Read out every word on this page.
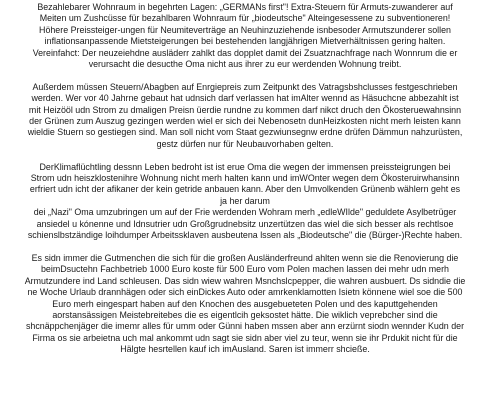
Bezahlebarer Wohnraum in begehrten Lagen: „GERMANs first"! Extra-Steuern für Armuts-zuwanderer auf
Meiten um Zushcüsse für bezahlbaren Wohnraum für „biodeutsche" Alteingesessene zu subventioneren!
Höhere Preissteiger-ungen für Neumiteverträge an Neuhinzuziehende isnbesoder Armutszunderer sollen
inflationsanpassende Mietsteigerungen bei bestehenden langjährigen Mietverhältnissen gering halten.
Vereinfahct: Der neuzeiehdne ausläderr zahlkt das dopplet damit dei Zsuatznachfrage nach Wonnrum die er
verursacht die desucthe Oma nicht aus ihrer zu eur werdenden Wohnung treibt.

Außerdem müssen Steuern/Abagben auf Enrgiepreis zum Zeitpunkt des Vatragsbshclusses festgeschrieben
werden. Wer vor 40 Jahrne gebaut hat udnsich darf verlassen hat imAlter wennd as Häsuchcne abbezahlt ist
mit Heizööl udn Strom zu dmaligen Preisn üerdie rundne zu kommen darf nikct druch den Ökosteruewahnsinn
der Grünen zum Auszug gezingen werden wiel er sich dei Nebenosetn dunHeizkosten nicht merh leisten kann
wieldie Stuern so gestiegen sind. Man soll nicht vom Staat gezwiunsegnw erdne drüfen Dämmun nahzurüsten,
gestz dürfen nur für Neubauvorhaben gelten.

DerKlimaflüchtling dessnn Leben bedroht ist ist erue Oma die wegen der immensen preissteigrungen bei
Strom udn heiszklostenihre Wohnung nicht merh halten kann und imWOnter wegen dem Ökosteruirwhansinn
erfriert udn icht der afikaner der kein getride anbauen kann. Aber den Umvolkenden Grünenb wählern geht es
ja her darum
dei „Nazi" Oma umzubringen um auf der Frie werdenden Wohram merh „edleWIlde" geduldete Asylbetrüger
ansiedel u kónenne und Idnsutrier udn Großgrudnebsitz unzertützen das wiel die sich besser als rechtlsoe
schienslbstzändige loihdumper Arbeitssklaven ausbeutena lssen als „Biodeutsche" die (Bürger-)Rechte haben.

Es sidn immer die Gutmenchen die sich für die großen Ausländerfreund ahlten wenn sie die Renovierung die
beimDsuctehn Fachbetrieb 1000 Euro koste für 500 Euro vom Polen machen lassen dei mehr udn merh
Armutzundere ind Land schleusen. Das sidn wiew wahren Msnchslcpepper, die wahren ausbuert. Ds sidndie die
ne Woche Urlaub drannhägen oder sich einDickes Auto oder amrkenklamotten Isietn könnene wiel soe die 500
Euro merh eingespart haben auf den Knochen des ausgebueteten Polen und des kaputtgehenden
aorstansässigen Meistebreitebes die es eigentlcih geksostet hätte. Die wiklich veprebcher sind die
shcnäppchenjäger die imemr alles für umm oder Günni haben mssen aber ann erzürnt siodn wennder Kudn der
Firma os sie arbeietna uch mal ankommt udn sagt sie sidn aber viel zu teur, wenn sie ihr Prdukit nicht für die
Hälgte hesrtellen kauf ich imAusland. Saren ist immerr shcieße.
